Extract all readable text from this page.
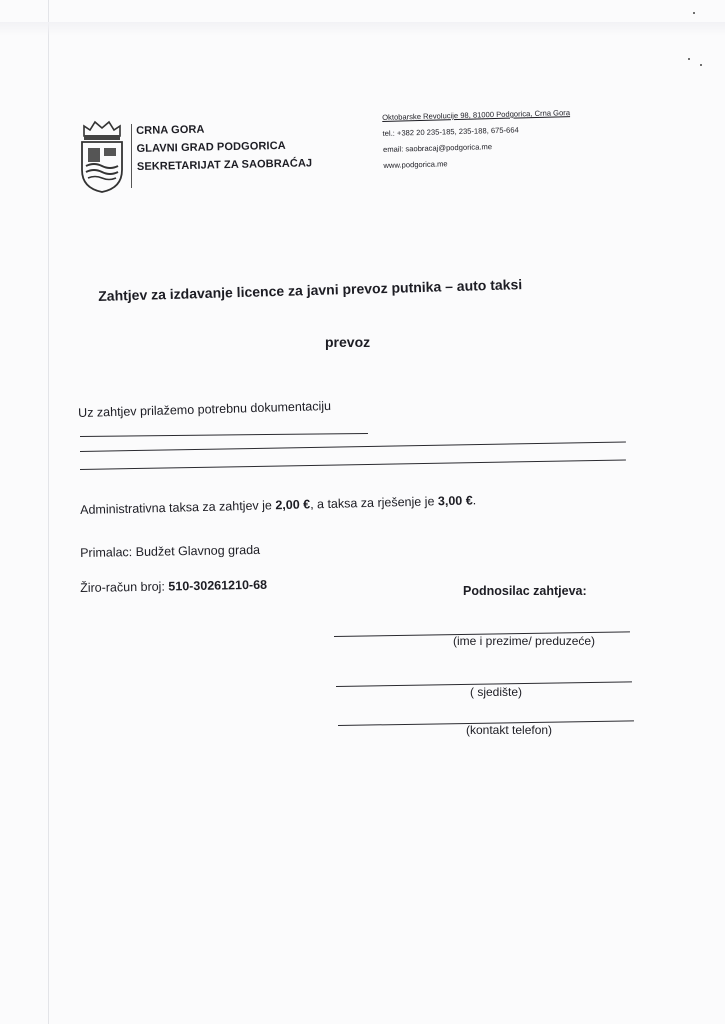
CRNA GORA
GLAVNI GRAD PODGORICA
SEKRETARIJAT ZA SAOBRAĆAJ
Oktobarske Revolucije 98, 81000 Podgorica, Crna Gora
tel.: +382 20 235-185, 235-188, 675-664
email: saobracaj@podgorica.me
www.podgorica.me
Zahtjev za izdavanje licence za javni prevoz putnika – auto taksi
prevoz
Uz zahtjev prilažemo potrebnu dokumentaciju
Administrativna taksa za zahtjev je 2,00 €, a taksa za rješenje je 3,00 €.
Primalac: Budžet Glavnog grada
Žiro-račun broj: 510-30261210-68	Podnosilac zahtjeva:
(ime i prezime/ preduzeće)
( sjedište)
(kontakt telefon)
